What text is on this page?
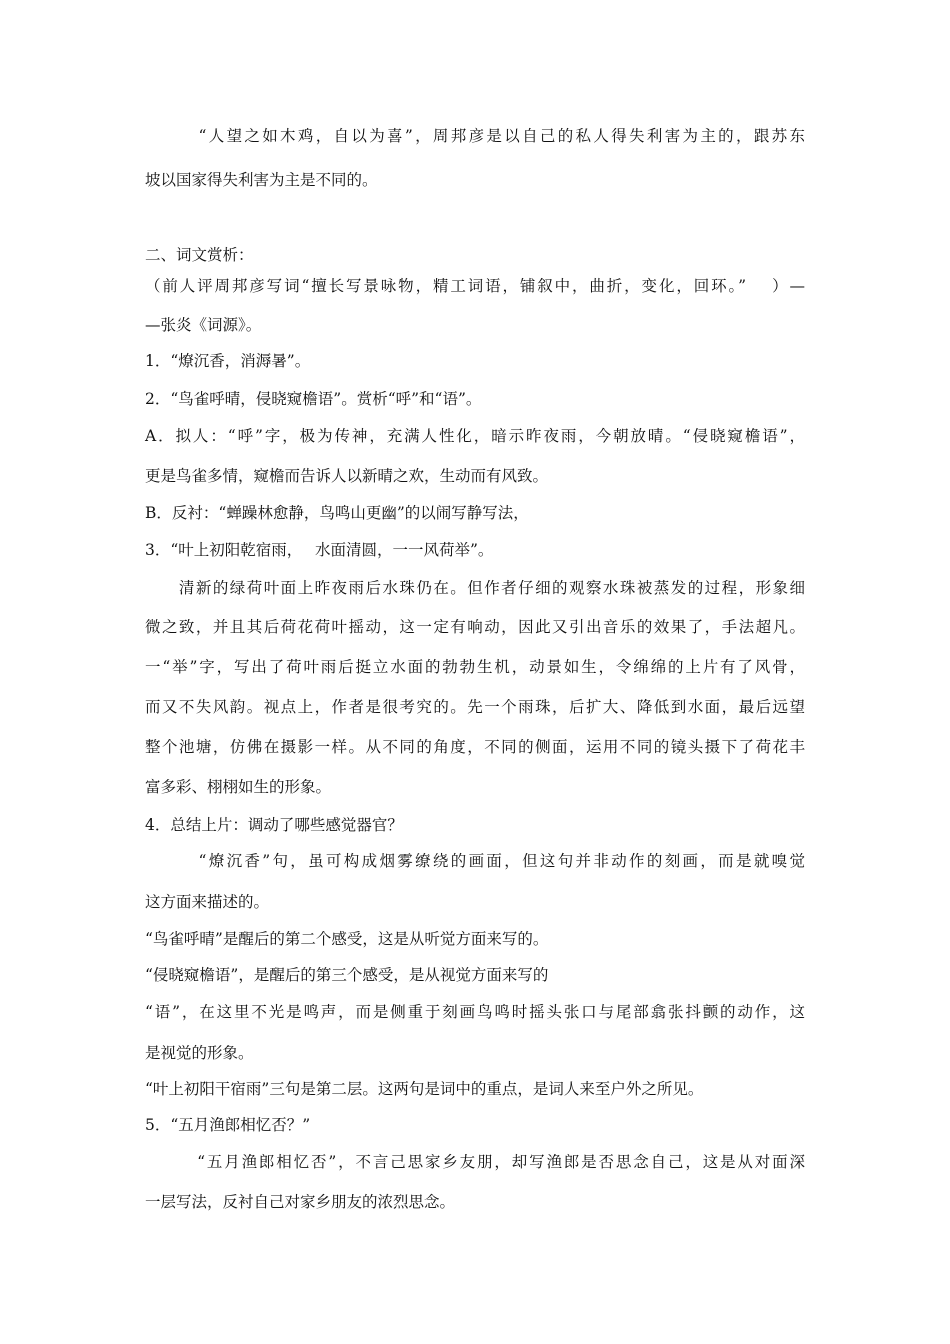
　　　“人望之如木鸡，自以为喜”，周邦彦是以自己的私人得失利害为主的，跟苏东
坡以国家得失利害为主是不同的。
二、词文赏析：
（前人评周邦彦写词“擅长写景咏物，精工词语，铺叙中，曲折，变化，回环。”　 ）—
—张炎《词源》。
1．“燎沉香，消溽暑”。
2．“鸟雀呼晴，侵晓窥檐语”。赏析“呼”和“语”。
A．拟人：“呼”字，极为传神，充满人性化，暗示昨夜雨，今朝放晴。“侵晓窥檐语”，
更是鸟雀多情，窥檐而告诉人以新晴之欢，生动而有风致。
B．反衬：“蝉躁林愈静，鸟鸣山更幽”的以闹写静写法，
3．“叶上初阳乾宿雨，　 水面清圆，一一风荷举”。
　　清新的绿荷叶面上昨夜雨后水珠仍在。但作者仔细的观察水珠被蒸发的过程，形象细
微之致，并且其后荷花荷叶摇动，这一定有响动，因此又引出音乐的效果了，手法超凡。
一“举”字，写出了荷叶雨后挺立水面的勃勃生机，动景如生，令绵绵的上片有了风骨，
而又不失风韵。视点上，作者是很考究的。先一个雨珠，后扩大、降低到水面，最后远望
整个池塘，仿佛在摄影一样。从不同的角度，不同的侧面，运用不同的镜头摄下了荷花丰
富多彩、栩栩如生的形象。
4．总结上片：调动了哪些感觉器官？
　　　“燎沉香”句，虽可构成烟雾缭绕的画面，但这句并非动作的刻画，而是就嗅觉
这方面来描述的。
“鸟雀呼晴”是醒后的第二个感受，这是从听觉方面来写的。
“侵晓窥檐语”，是醒后的第三个感受，是从视觉方面来写的
“语”，在这里不光是鸣声，而是侧重于刻画鸟鸣时摇头张口与尾部翕张抖颤的动作，这
是视觉的形象。
“叶上初阳干宿雨”三句是第二层。这两句是词中的重点，是词人来至户外之所见。
5．“五月渔郎相忆否？”
　　　“五月渔郎相忆否”，不言己思家乡友朋，却写渔郎是否思念自己，这是从对面深
一层写法，反衬自己对家乡朋友的浓烈思念。
